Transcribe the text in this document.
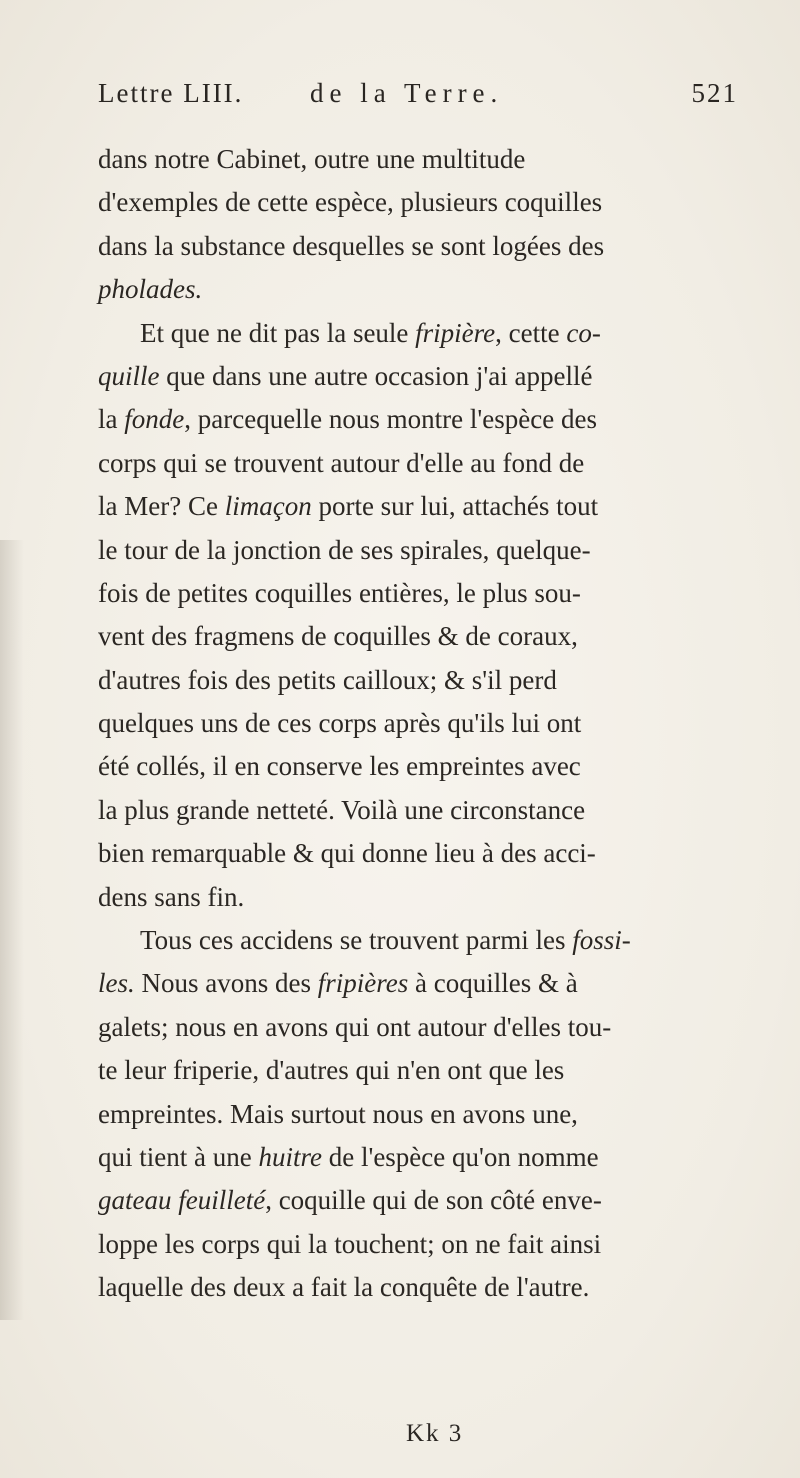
Lettre LIII. de la Terre.	521
dans notre Cabinet, outre une multitude
d'exemples de cette espèce, plusieurs coquilles
dans la substance desquelles se sont logées des
pholades.
Et que ne dit pas la seule fripière, cette co-
quille que dans une autre occasion j'ai appellé
la fonde, parcequelle nous montre l'espèce des
corps qui se trouvent autour d'elle au fond de
la Mer? Ce limaçon porte sur lui, attachés tout
le tour de la jonction de ses spirales, quelque-
fois de petites coquilles entières, le plus sou-
vent des fragmens de coquilles & de coraux,
d'autres fois des petits cailloux; & s'il perd
quelques uns de ces corps après qu'ils lui ont
été collés, il en conserve les empreintes avec
la plus grande netteté. Voilà une circonstance
bien remarquable & qui donne lieu à des acci-
dens sans fin.
Tous ces accidens se trouvent parmi les fossi-
les. Nous avons des fripières à coquilles & à
galets; nous en avons qui ont autour d'elles tou-
te leur friperie, d'autres qui n'en ont que les
empreintes. Mais surtout nous en avons une,
qui tient à une huitre de l'espèce qu'on nomme
gateau feuilleté, coquille qui de son côté enve-
loppe les corps qui la touchent; on ne fait ainsi
laquelle des deux a fait la conquête de l'autre.
Kk 3
